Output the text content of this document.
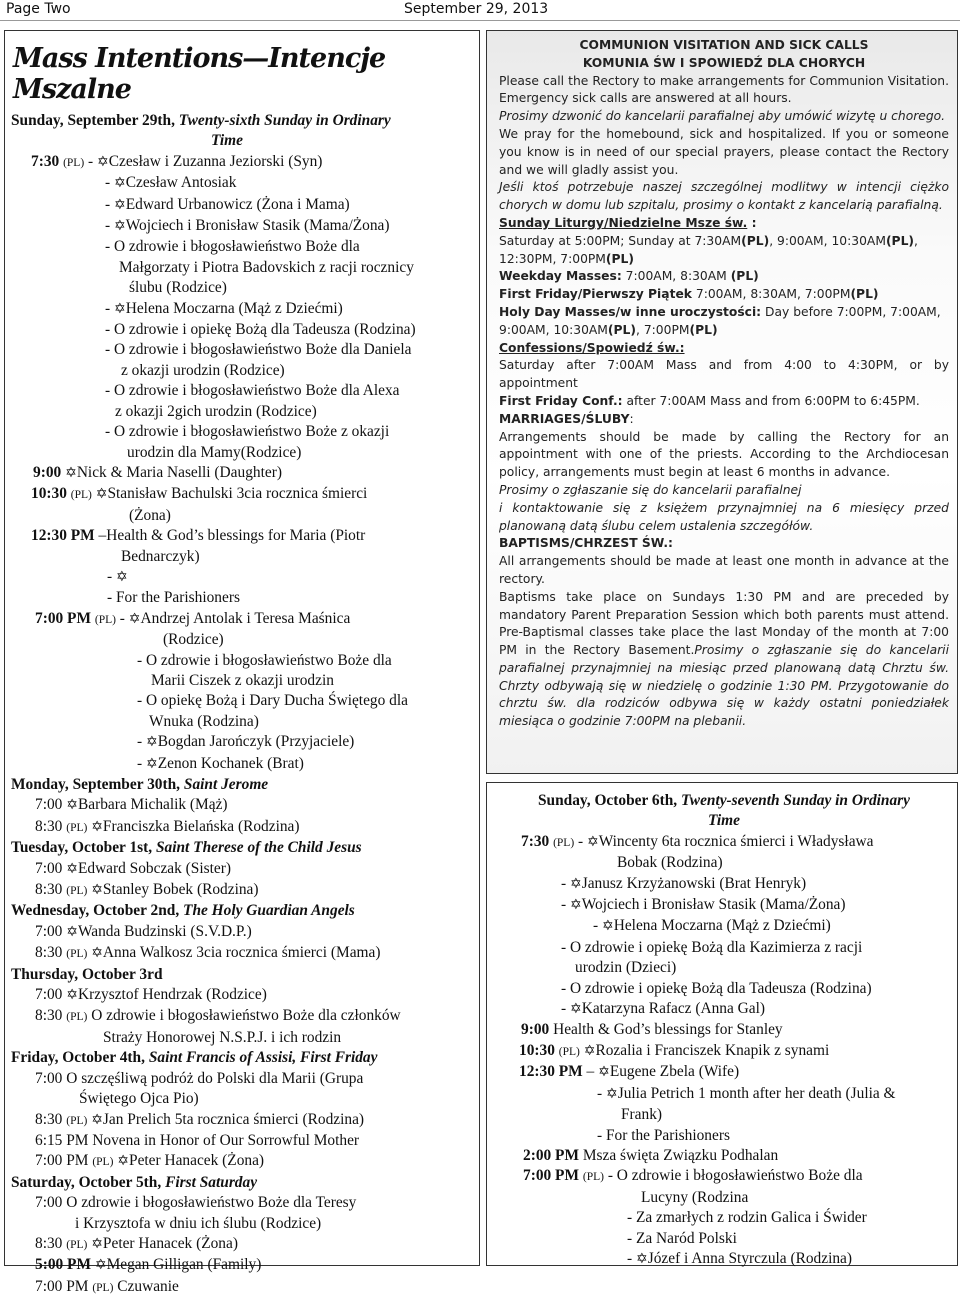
Page Two	September 29, 2013
Mass Intentions—Intencje Mszalne
Sunday, September 29th, Twenty-sixth Sunday in Ordinary
Time
7:30 (PL) - ✡Czesław i Zuzanna Jeziorski (Syn)
- ✡Czesław Antosiak
- ✡Edward Urbanowicz (Żona i Mama)
- ✡Wojciech i Bronisław Stasik (Mama/Żona)
- O zdrowie i błogosławieństwo Boże dla
Małgorzaty i Piotra Badovskich z racji rocznicy
ślubu (Rodzice)
- ✡Helena Moczarna (Mąż z Dziećmi)
- O zdrowie i opiekę Bożą dla Tadeusza (Rodzina)
- O zdrowie i błogosławieństwo Boże dla Daniela
z okazji urodzin (Rodzice)
- O zdrowie i błogosławieństwo Boże dla Alexa
z okazji 2gich urodzin (Rodzice)
- O zdrowie i błogosławieństwo Boże z okazji
urodzin dla Mamy(Rodzice)
9:00 ✡Nick & Maria Naselli (Daughter)
10:30 (PL) ✡Stanisław Bachulski 3cia rocznica śmierci
(Żona)
12:30 PM –Health & God’s blessings for Maria (Piotr
Bednarczyk)
- ✡
- For the Parishioners
7:00 PM (PL) - ✡Andrzej Antolak i Teresa Maśnica
(Rodzice)
- O zdrowie i błogosławieństwo Boże dla
Marii Ciszek z okazji urodzin
- O opiekę Bożą i Dary Ducha Świętego dla
Wnuka (Rodzina)
- ✡Bogdan Jarończyk (Przyjaciele)
- ✡Zenon Kochanek (Brat)
Monday, September 30th, Saint Jerome
7:00 ✡Barbara Michalik (Mąż)
8:30 (PL) ✡Franciszka Bielańska (Rodzina)
Tuesday, October 1st, Saint Therese of the Child Jesus
7:00 ✡Edward Sobczak (Sister)
8:30 (PL) ✡Stanley Bobek (Rodzina)
Wednesday, October 2nd, The Holy Guardian Angels
7:00 ✡Wanda Budzinski (S.V.D.P.)
8:30 (PL) ✡Anna Walkosz 3cia rocznica śmierci (Mama)
Thursday, October 3rd
7:00 ✡Krzysztof Hendrzak (Rodzice)
8:30 (PL) O zdrowie i błogosławieństwo Boże dla członków
Straży Honorowej N.S.P.J. i ich rodzin
Friday, October 4th, Saint Francis of Assisi, First Friday
7:00 O szczęśliwą podróż do Polski dla Marii (Grupa
Świętego Ojca Pio)
8:30 (PL) ✡Jan Prelich 5ta rocznica śmierci (Rodzina)
6:15 PM Novena in Honor of Our Sorrowful Mother
7:00 PM (PL) ✡Peter Hanacek (Żona)
Saturday, October 5th, First Saturday
7:00 O zdrowie i błogosławieństwo Boże dla Teresy
i Krzysztofa w dniu ich ślubu (Rodzice)
8:30 (PL) ✡Peter Hanacek (Żona)
5:00 PM ✡Megan Gilligan (Family)
7:00 PM (PL) Czuwanie

COMMUNION VISITATION AND SICK CALLS

KOMUNIA ŚW I SPOWIEDŹ DLA CHORYCH

Please call the Rectory to make arrangements for Communion Visitation. Emergency sick calls are answered at all hours.

Prosimy dzwonić do kancelarii parafialnej aby umówić wizytę u chorego.

We pray for the homebound, sick and hospitalized. If you or someone you know is in need of our special prayers, please contact the Rectory and we will gladly assist you.

Jeśli ktoś potrzebuje naszej szczególnej modlitwy w intencji ciężko chorych w domu lub szpitalu, prosimy o kontakt z kancelarią parafialną.

Sunday Liturgy/Niedzielne Msze św. :

Saturday at 5:00PM; Sunday at 7:30AM(PL), 9:00AM, 10:30AM(PL), 12:30PM, 7:00PM(PL)

Weekday Masses: 7:00AM, 8:30AM (PL)

First Friday/Pierwszy Piątek 7:00AM, 8:30AM, 7:00PM(PL)

Holy Day Masses/w inne uroczystości: Day before 7:00PM, 7:00AM, 9:00AM, 10:30AM(PL), 7:00PM(PL)

Confessions/Spowiedź św.:

Saturday after 7:00AM Mass and from 4:00 to 4:30PM, or by appointment

First Friday Conf.: after 7:00AM Mass and from 6:00PM to 6:45PM.

MARRIAGES/ŚLUBY:

Arrangements should be made by calling the Rectory for an appointment with one of the priests. According to the Archdiocesan policy, arrangements must begin at least 6 months in advance.

Prosimy o zgłaszanie się do kancelarii parafialnej

i kontaktowanie się z księżem przynajmniej na 6 miesięcy przed planowaną datą ślubu celem ustalenia szczegółów.

BAPTISMS/CHRZEST ŚW.:

All arrangements should be made at least one month in advance at the rectory.

Baptisms take place on Sundays 1:30 PM and are preceded by mandatory Parent Preparation Session which both parents must attend. Pre-Baptismal classes take place the last Monday of the month at 7:00 PM in the Rectory Basement.Prosimy o zgłaszanie się do kancelarii parafialnej przynajmniej na miesiąc przed planowaną datą Chrztu św. Chrzty odbywają się w niedzielę o godzinie 1:30 PM. Przygotowanie do chrztu św. dla rodziców odbywa się w każdy ostatni poniedziałek miesiąca o godzinie 7:00PM na plebanii.

Sunday, October 6th, Twenty-seventh Sunday in Ordinary
Time
7:30 (PL) - ✡Wincenty 6ta rocznica śmierci i Władysława
Bobak (Rodzina)
- ✡Janusz Krzyżanowski (Brat Henryk)
- ✡Wojciech i Bronisław Stasik (Mama/Żona)
- ✡Helena Moczarna (Mąż z Dziećmi)
- O zdrowie i opiekę Bożą dla Kazimierza z racji
urodzin (Dzieci)
- O zdrowie i opiekę Bożą dla Tadeusza (Rodzina)
- ✡Katarzyna Rafacz (Anna Gal)
9:00 Health & God’s blessings for Stanley
10:30 (PL) ✡Rozalia i Franciszek Knapik z synami
12:30 PM – ✡Eugene Zbela (Wife)
- ✡Julia Petrich 1 month after her death (Julia &
Frank)
- For the Parishioners
2:00 PM Msza święta Związku Podhalan
7:00 PM (PL) - O zdrowie i błogosławieństwo Boże dla
Lucyny (Rodzina
- Za zmarłych z rodzin Galica i Świder
- Za Naród Polski
- ✡Józef i Anna Styrczula (Rodzina)
